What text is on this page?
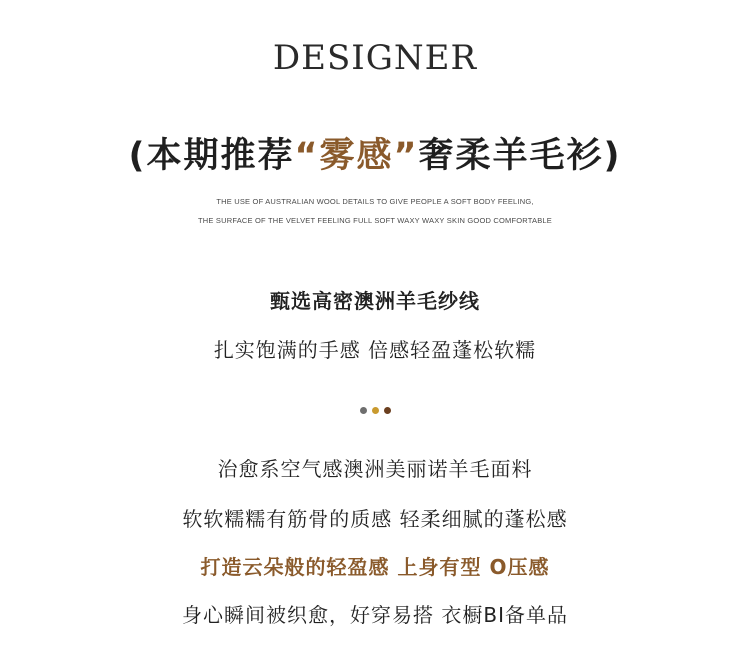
DESIGNER
(本期推荐“雾感”奢柔羊毛衫)
THE USE OF AUSTRALIAN WOOL DETAILS TO GIVE PEOPLE A SOFT BODY FEELING,
THE SURFACE OF THE VELVET FEELING FULL SOFT WAXY WAXY SKIN GOOD COMFORTABLE
甄选高密澳洲羊毛纱线
扎实饱满的手感 倍感轻盈蓬松软糯
治愈系空气感澳洲美丽诺羊毛面料
软软糯糯有筋骨的质感 轻柔细腻的蓬松感
打造云朵般的轻盈感 上身有型 O压感
身心瞬间被织愈，好穿易搭 衣橱BI备单品
